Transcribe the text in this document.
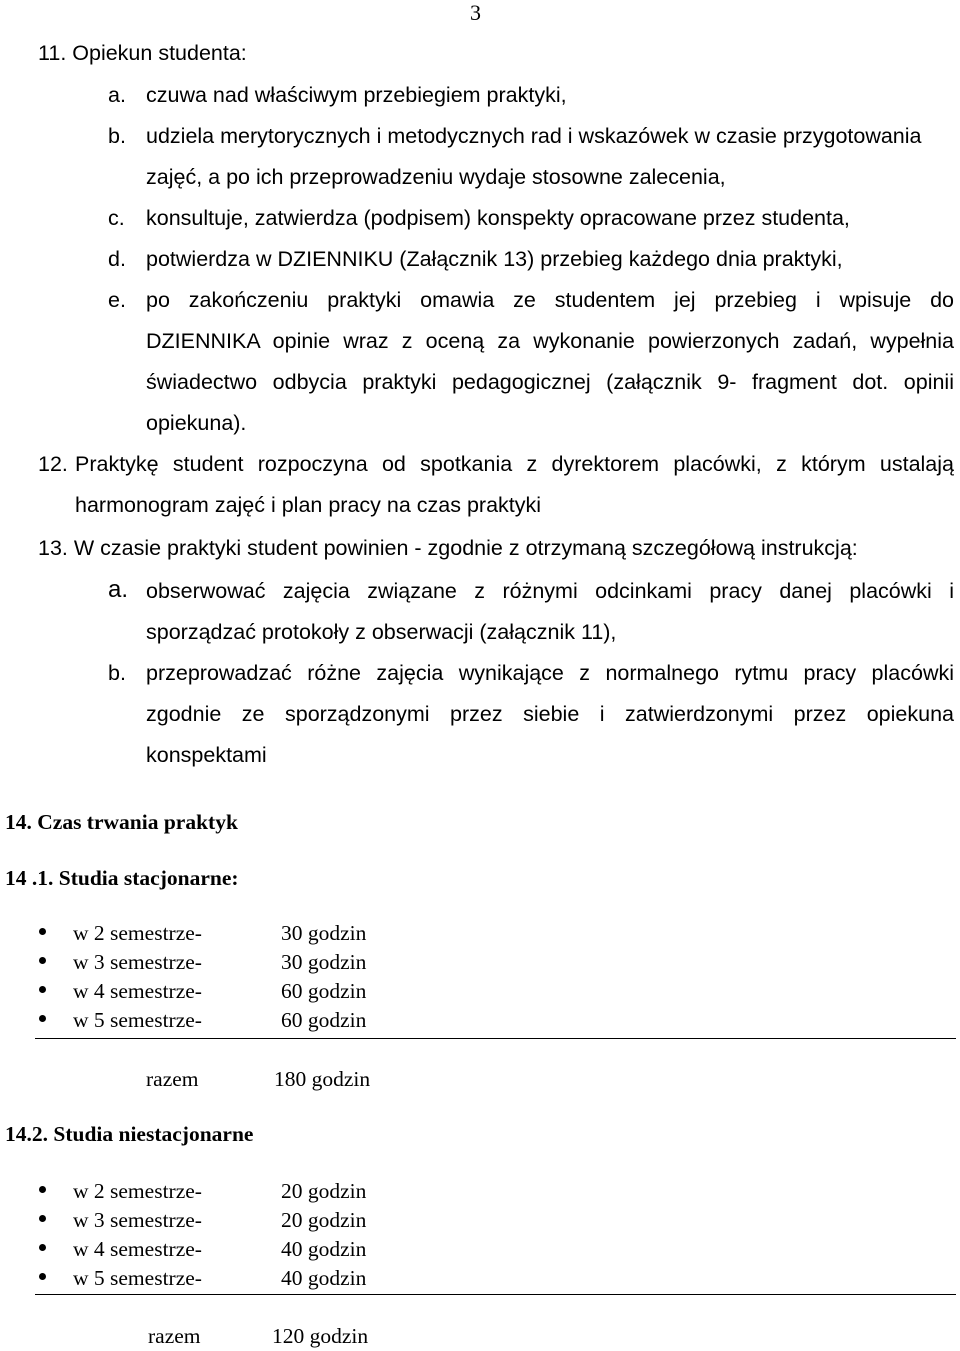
3
11. Opiekun studenta:
a. czuwa nad właściwym przebiegiem praktyki,
b. udziela merytorycznych i metodycznych rad i wskazówek w czasie przygotowania
zajęć, a po ich przeprowadzeniu wydaje stosowne zalecenia,
c. konsultuje, zatwierdza (podpisem) konspekty opracowane przez studenta,
d. potwierdza w DZIENNIKU (Załącznik 13) przebieg każdego dnia praktyki,
e. po zakończeniu praktyki omawia ze studentem jej przebieg i wpisuje do
DZIENNIKA opinie wraz z oceną za wykonanie powierzonych zadań, wypełnia
świadectwo odbycia praktyki pedagogicznej (załącznik 9- fragment dot. opinii
opiekuna).
12. Praktykę student rozpoczyna od spotkania z dyrektorem placówki, z którym ustalają
harmonogram zajęć i plan pracy na czas praktyki
13. W czasie praktyki student powinien - zgodnie z otrzymaną szczegółową instrukcją:
a. obserwować zajęcia związane z różnymi odcinkami pracy danej placówki i
sporządzać protokoły z obserwacji (załącznik 11),
b. przeprowadzać różne zajęcia wynikające z normalnego rytmu pracy placówki
zgodnie ze sporządzonymi przez siebie i zatwierdzonymi przez opiekuna
konspektami
14. Czas trwania praktyk
14 .1. Studia stacjonarne:
w 2 semestrze-	30 godzin
w 3 semestrze-	30 godzin
w 4 semestrze-	60 godzin
w 5 semestrze-	60 godzin
razem	180 godzin
14.2. Studia niestacjonarne
w 2 semestrze-	20 godzin
w 3 semestrze-	20 godzin
w 4 semestrze-	40 godzin
w 5 semestrze-	40 godzin
razem	120 godzin
